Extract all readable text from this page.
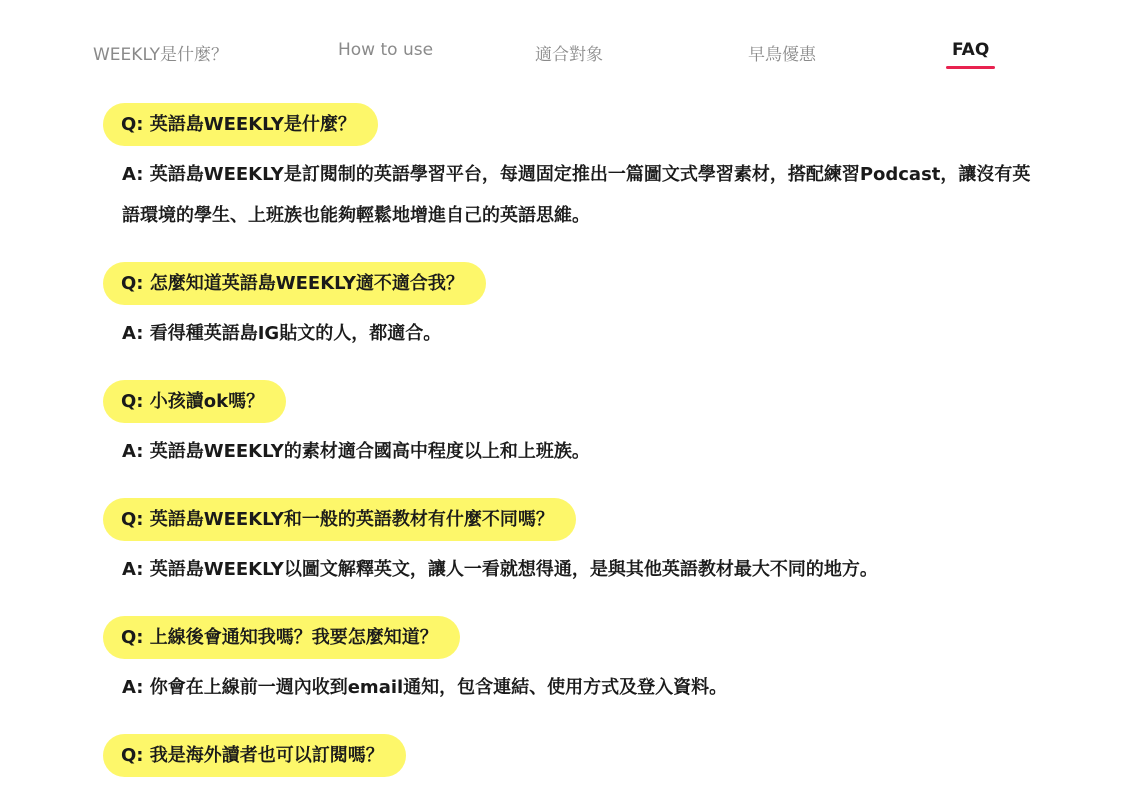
WEEKLY是什麼？	How to use	適合對象	早鳥優惠	FAQ
Q: 英語島WEEKLY是什麼？
A: 英語島WEEKLY是訂閱制的英語學習平台，每週固定推出一篇圖文式學習素材，搭配練習Podcast，讓沒有英語環境的學生、上班族也能夠輕鬆地增進自己的英語思維。
Q: 怎麼知道英語島WEEKLY適不適合我？
A: 看得種英語島IG貼文的人，都適合。
Q: 小孩讀ok嗎？
A: 英語島WEEKLY的素材適合國高中程度以上和上班族。
Q: 英語島WEEKLY和一般的英語教材有什麼不同嗎？
A: 英語島WEEKLY以圖文解釋英文，讓人一看就想得通，是與其他英語教材最大不同的地方。
Q: 上線後會通知我嗎？我要怎麼知道？
A: 你會在上線前一週內收到email通知，包含連結、使用方式及登入資料。
Q: 我是海外讀者也可以訂閱嗎？
